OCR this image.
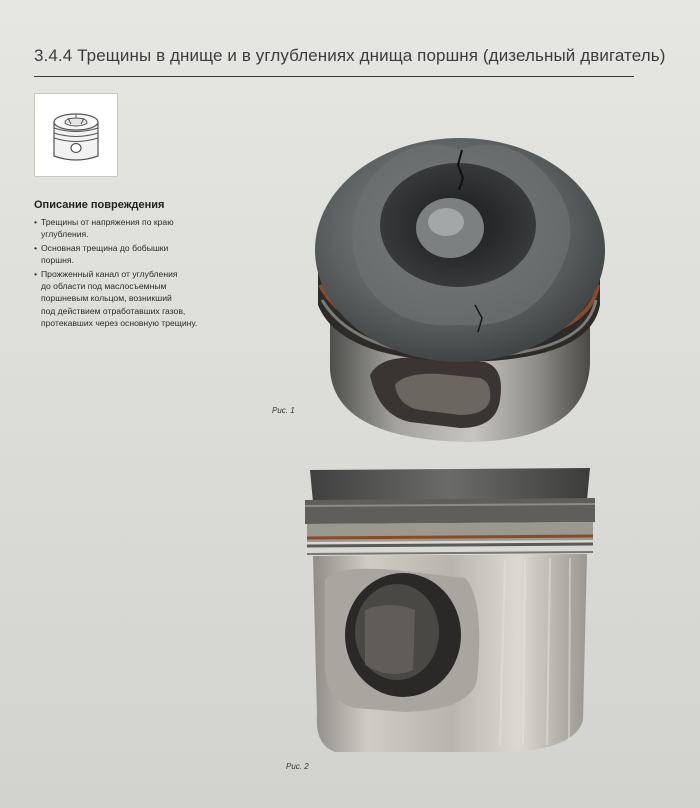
3.4.4 Трещины в днище и в углублениях днища поршня (дизельный двигатель)
Описание повреждения
• Трещины от напряжения по краю
углубления.
• Основная трещина до бобышки
поршня.
• Прожженный канал от углубления
до области под маслосъемным
поршневым кольцом, возникший
под действием отработавших газов,
протекавших через основную трещину.
Рис. 1
Рис. 2
